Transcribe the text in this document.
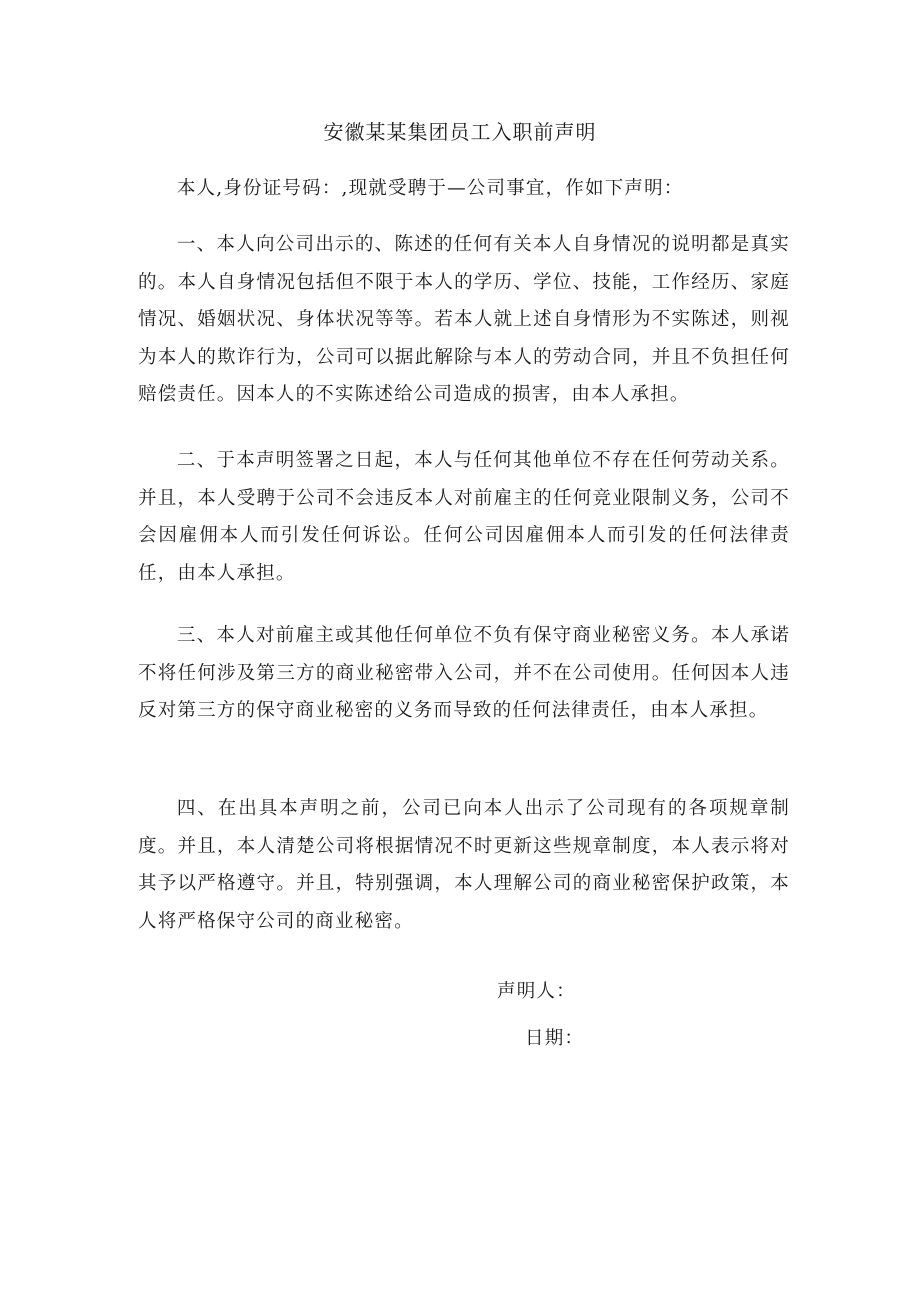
安徽某某集团员工入职前声明

本人,身份证号码：,现就受聘于—公司事宜，作如下声明：

一、本人向公司出示的、陈述的任何有关本人自身情况的说明都是真实的。本人自身情况包括但不限于本人的学历、学位、技能，工作经历、家庭情况、婚姻状况、身体状况等等。若本人就上述自身情形为不实陈述，则视为本人的欺诈行为，公司可以据此解除与本人的劳动合同，并且不负担任何赔偿责任。因本人的不实陈述给公司造成的损害，由本人承担。

二、于本声明签署之日起，本人与任何其他单位不存在任何劳动关系。并且，本人受聘于公司不会违反本人对前雇主的任何竞业限制义务，公司不会因雇佣本人而引发任何诉讼。任何公司因雇佣本人而引发的任何法律责任，由本人承担。

三、本人对前雇主或其他任何单位不负有保守商业秘密义务。本人承诺不将任何涉及第三方的商业秘密带入公司，并不在公司使用。任何因本人违反对第三方的保守商业秘密的义务而导致的任何法律责任，由本人承担。

四、在出具本声明之前，公司已向本人出示了公司现有的各项规章制度。并且，本人清楚公司将根据情况不时更新这些规章制度，本人表示将对其予以严格遵守。并且，特别强调，本人理解公司的商业秘密保护政策，本人将严格保守公司的商业秘密。

声明人：
日期：
